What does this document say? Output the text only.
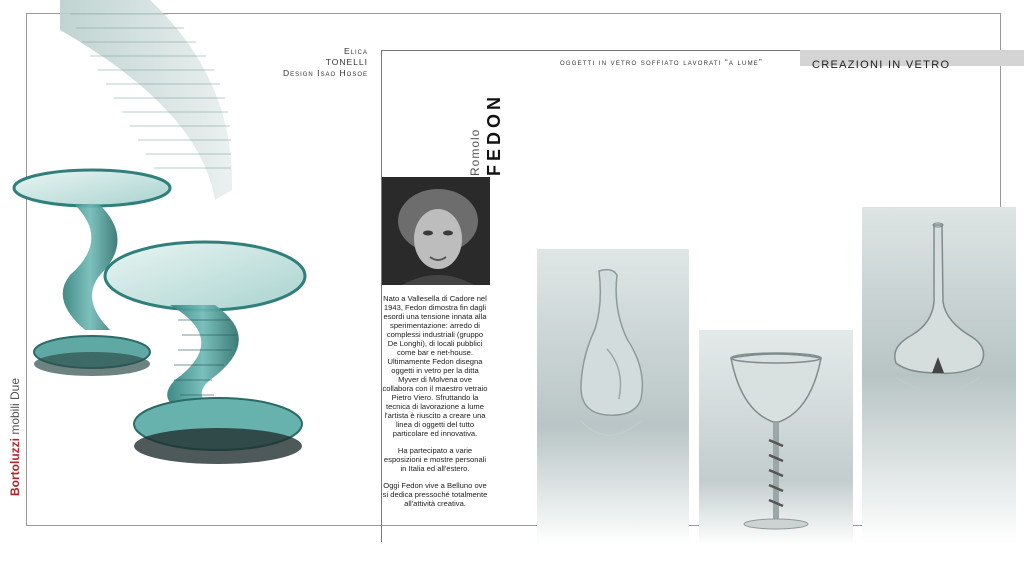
Elica
TONELLI
Design Isao Hosoe
Bortoluzzi mobili Due
oggetti in vetro soffiato lavorati “a lume”	CREAZIONI IN VETRO
Romolo FEDON

Nato a Vallesella di Cadore nel 1943, Fedon dimostra fin dagli esordi una tensione innata alla sperimentazione: arredo di complessi industriali (gruppo De Longhi), di locali pubblici come bar e net-house. Ultimamente Fedon disegna oggetti in vetro per la ditta Myver di Molvena ove collabora con il maestro vetraio Pietro Viero. Sfruttando la tecnica di lavorazione a lume l'artista è riuscito a creare una linea di oggetti del tutto particolare ed innovativa.

Ha partecipato a varie esposizioni e mostre personali in Italia ed all'estero.

Oggi Fedon vive a Belluno ove si dedica pressoché totalmente all'attività creativa.
